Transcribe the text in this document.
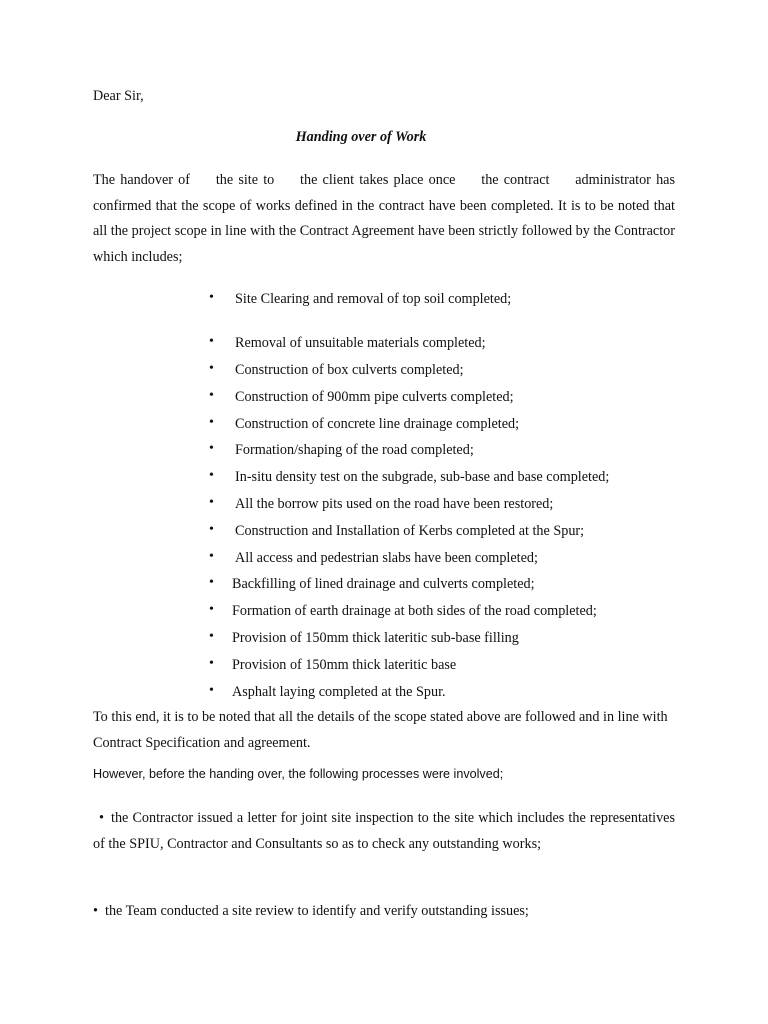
Dear Sir,
Handing over of Work
The handover of     the site to     the client takes place once     the contract     administrator has confirmed that the scope of works defined in the contract have been completed. It is to be noted that all the project scope in line with the Contract Agreement have been strictly followed by the Contractor which includes;
• Site Clearing and removal of top soil completed;
• Removal of unsuitable materials completed;
• Construction of box culverts completed;
• Construction of 900mm pipe culverts completed;
• Construction of concrete line drainage completed;
• Formation/shaping of the road completed;
• In-situ density test on the subgrade, sub-base and base completed;
• All the borrow pits used on the road have been restored;
• Construction and Installation of Kerbs completed at the Spur;
• All access and pedestrian slabs have been completed;
• Backfilling of lined drainage and culverts completed;
• Formation of earth drainage at both sides of the road completed;
• Provision of 150mm thick lateritic sub-base filling
• Provision of 150mm thick lateritic base
• Asphalt laying completed at the Spur.
To this end, it is to be noted that all the details of the scope stated above are followed and in line with Contract Specification and agreement.
However, before the handing over, the following processes were involved;
• the Contractor issued a letter for joint site inspection to the site which includes the representatives of the SPIU, Contractor and Consultants so as to check any outstanding works;
• the Team conducted a site review to identify and verify outstanding issues;
